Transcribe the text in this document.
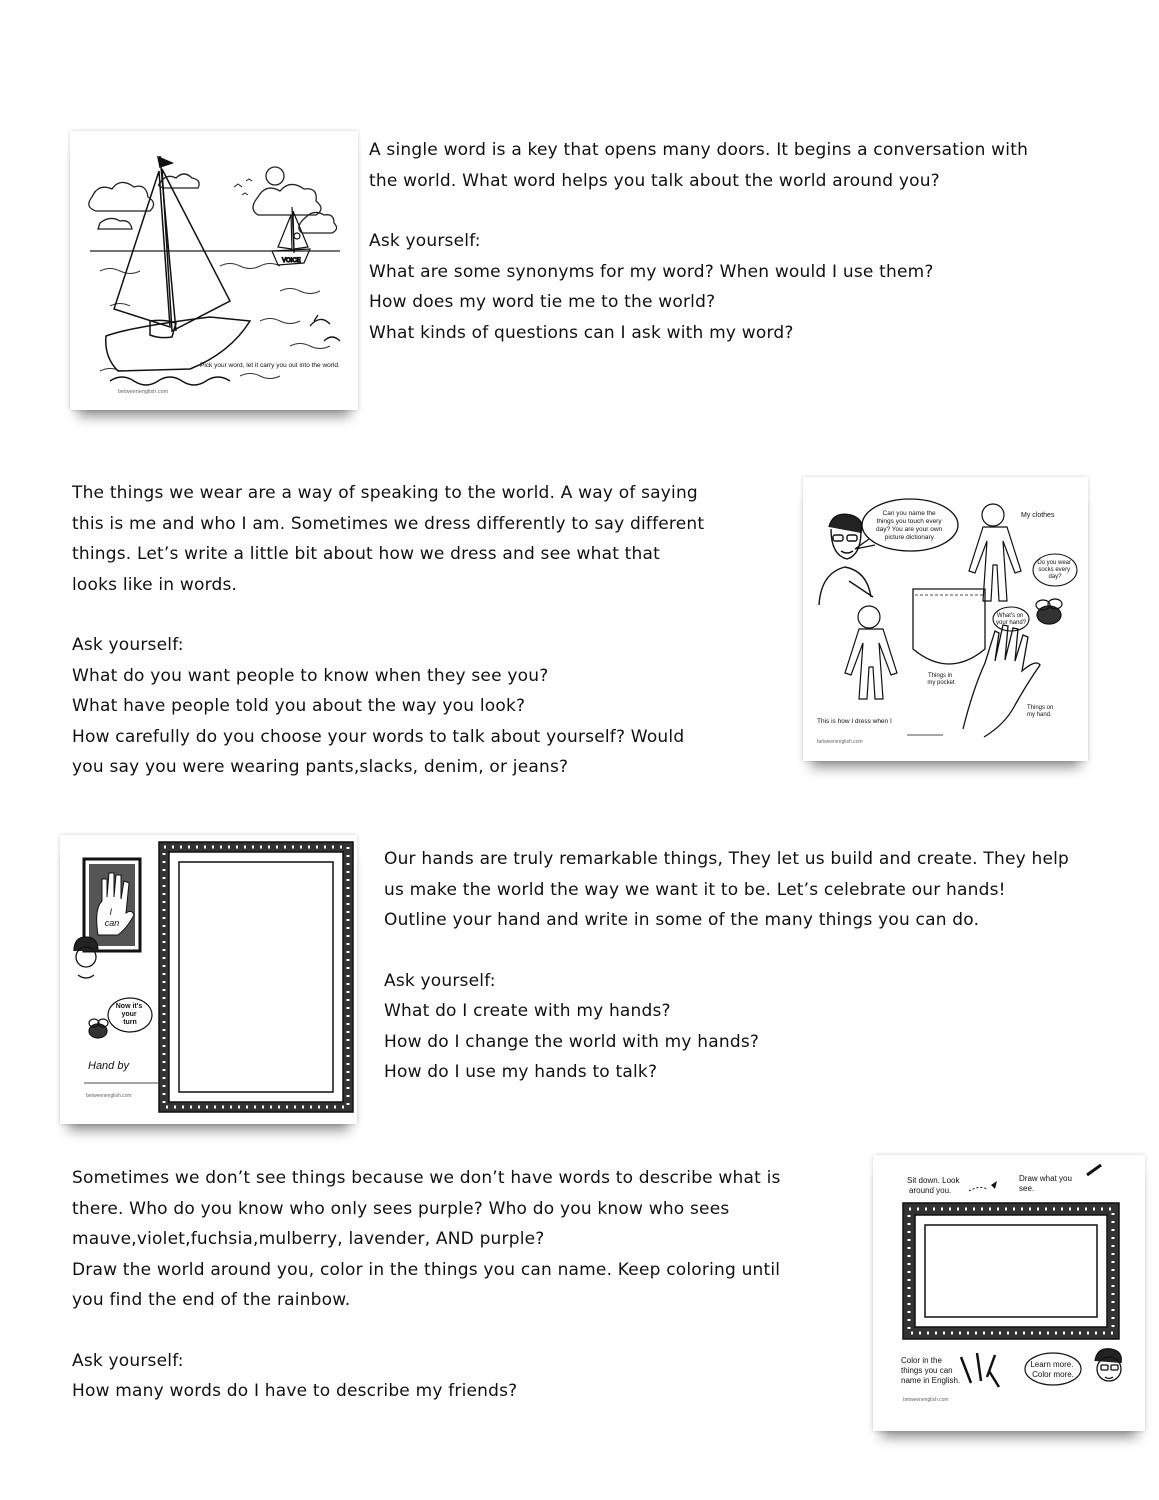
VOICE
Pick your word, let it carry you out into the world.
betweenenglish.com

A single word is a key that opens many doors. It begins a conversation with

the world. What word helps you talk about the world around you?

Ask yourself:

What are some synonyms for my word? When would I use them?

How does my word tie me to the world?

What kinds of questions can I ask with my word?

The things we wear are a way of speaking to the world. A way of saying

this is me and who I am. Sometimes we dress differently to say different

things. Let’s write a little bit about how we dress and see what that

looks like in words.

Ask yourself:

What do you want people to know when they see you?

What have people told you about the way you look?

How carefully do you choose your words to talk about yourself? Would

you say you were wearing pants,slacks, denim, or jeans?

Can you name the things you touch every day? You are your own picture dictionary.
My clothes
Do you wear socks every day?
Things in my pocket
What's on your hand?
Things on my hand.
This is how I dress when I
betweenenglish.com
I can
Now it's your turn
Hand by
betweenenglish.com

Our hands are truly remarkable things, They let us build and create. They help

us make the world the way we want it to be. Let’s celebrate our hands!

Outline your hand and write in some of the many things you can do.

Ask yourself:

What do I create with my hands?

How do I change the world with my hands?

How do I use my hands to talk?

Sometimes we don’t see things because we don’t have words to describe what is

there. Who do you know who only sees purple? Who do you know who sees

mauve,violet,fuchsia,mulberry, lavender, AND purple?

Draw the world around you, color in the things you can name. Keep coloring until

you find the end of the rainbow.

Ask yourself:

How many words do I have to describe my friends?

Sit down. Look around you.
Draw what you see.
Color in the things you can name in English.
Learn more. Color more.
betweenenglish.com
